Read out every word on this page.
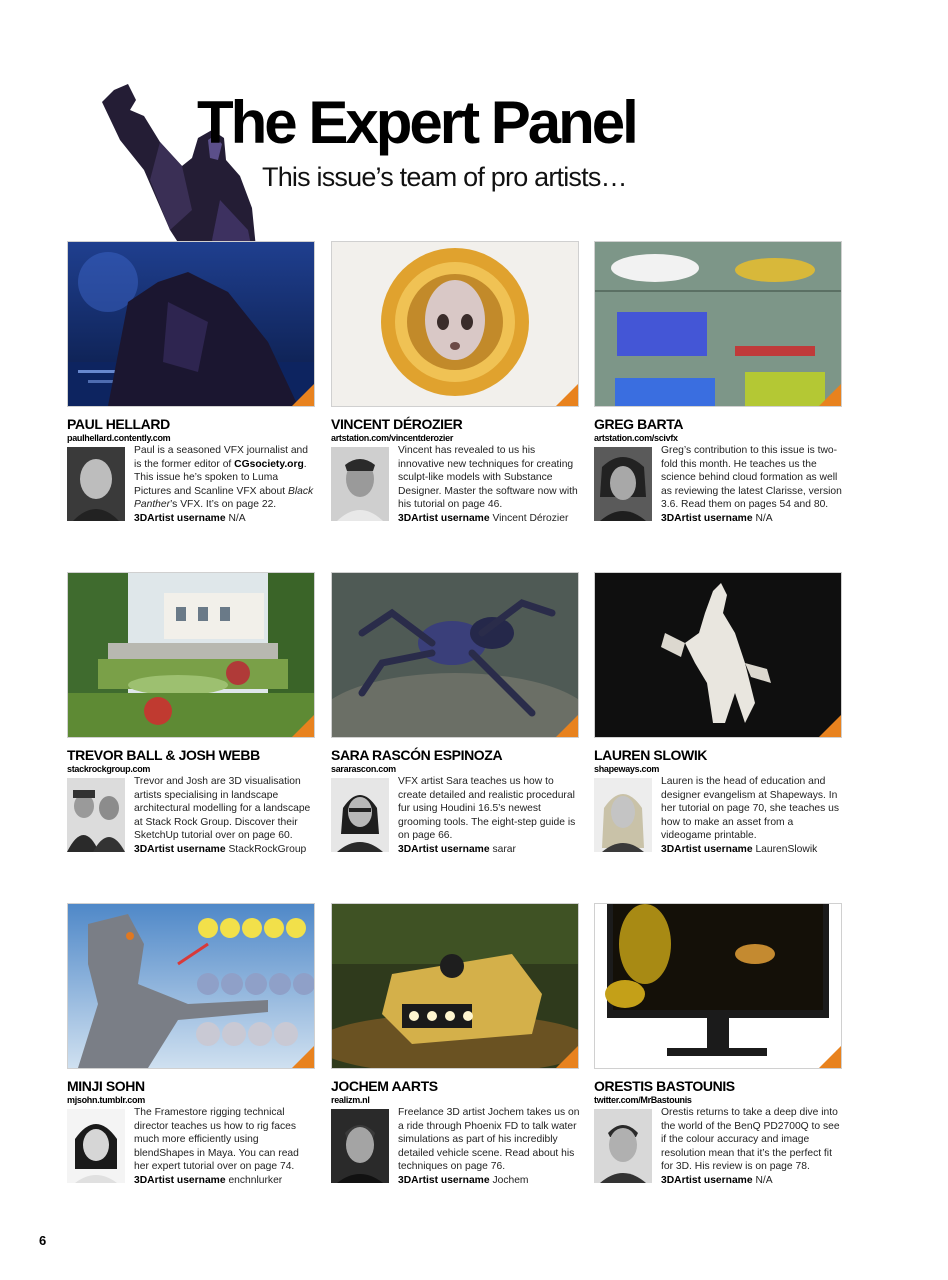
The Expert Panel

This issue’s team of pro artists…

PAUL HELLARD
paulhellard.contently.com

Paul is a seasoned VFX journalist and is the former editor of CGsociety.org. This issue he’s spoken to Luma Pictures and Scanline VFX about Black Panther’s VFX. It’s on page 22.

3DArtist username N/A

VINCENT DÉROZIER
artstation.com/vincentderozier

Vincent has revealed to us his innovative new techniques for creating sculpt-like models with Substance Designer. Master the software now with his tutorial on page 46.

3DArtist username Vincent Dérozier

GREG BARTA
artstation.com/scivfx

Greg’s contribution to this issue is two-fold this month. He teaches us the science behind cloud formation as well as reviewing the latest Clarisse, version 3.6. Read them on pages 54 and 80.

3DArtist username N/A

TREVOR BALL & JOSH WEBB
stackrockgroup.com

Trevor and Josh are 3D visualisation artists specialising in landscape architectural modelling for a landscape at Stack Rock Group. Discover their SketchUp tutorial over on page 60.

3DArtist username StackRockGroup

SARA RASCÓN ESPINOZA
sararascon.com

VFX artist Sara teaches us how to create detailed and realistic procedural fur using Houdini 16.5’s newest grooming tools. The eight-step guide is on page 66.

3DArtist username sarar

LAUREN SLOWIK
shapeways.com

Lauren is the head of education and designer evangelism at Shapeways. In her tutorial on page 70, she teaches us how to make an asset from a videogame printable.

3DArtist username LaurenSlowik

MINJI SOHN
mjsohn.tumblr.com

The Framestore rigging technical director teaches us how to rig faces much more efficiently using blendShapes in Maya. You can read her expert tutorial over on page 74.

3DArtist username enchnlurker

JOCHEM AARTS
realizm.nl

Freelance 3D artist Jochem takes us on a ride through Phoenix FD to talk water simulations as part of his incredibly detailed vehicle scene. Read about his techniques on page 76.

3DArtist username Jochem

ORESTIS BASTOUNIS
twitter.com/MrBastounis

Orestis returns to take a deep dive into the world of the BenQ PD2700Q to see if the colour accuracy and image resolution mean that it’s the perfect fit for 3D. His review is on page 78.

3DArtist username N/A

6
